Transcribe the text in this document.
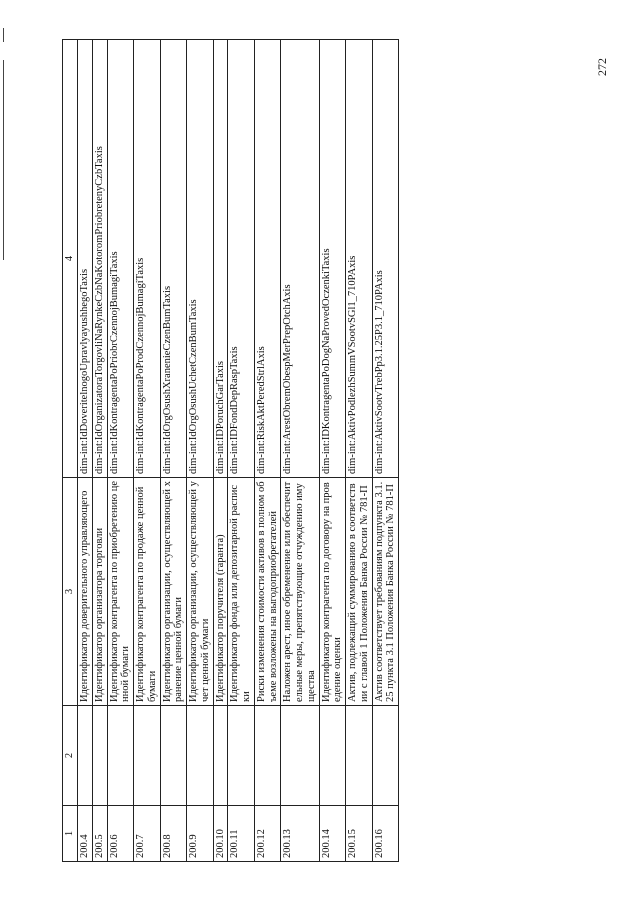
272
1	2	3	4
200.4		Идентификатор доверительного управляющего	dim-int:IdDoveritelnogoUpravlyayushhegoTaxis
200.5		Идентификатор организатора торговли	dim-int:IdOrganizatoraTorgovliNaRynkeCzbNaKotoromPriobretenyCzbTaxis
200.6		Идентификатор контрагента по приобретению ценной бумаги	dim-int:IdKontragentaPoPriobrCzennojBumagiTaxis
200.7		Идентификатор контрагента по продаже ценной бумаги	dim-int:IdKontragentaPoProdCzennojBumagiTaxis
200.8		Идентификатор организации, осуществляющей хранение ценной бумаги	dim-int:IdOrgOsushXranenieCzenBumTaxis
200.9		Идентификатор организации, осуществляющей учет ценной бумаги	dim-int:IdOrgOsushUchetCzenBumTaxis
200.10		Идентификатор поручителя (гаранта)	dim-int:IDPoruchGarTaxis
200.11		Идентификатор фонда или депозитарной расписки	dim-int:IDFondDepRaspTaxis
200.12		Риски изменения стоимости активов в полном объеме возложены на выгодоприобретателей	dim-int:RiskAktPeredStrlAxis
200.13		Наложен арест, иное обременение или обеспечительные меры, препятствующие отчуждению имущества	dim-int:ArestObremObespMerPrepOtchAxis
200.14		Идентификатор контрагента по договору на проведение оценки	dim-int:IDKontragentaPoDogNaProvedOczenkiTaxis
200.15		Актив, подлежащий суммированию в соответствии с главой 1 Положения Банка России № 781-П	dim-int:AktivPodlezhSummVSootvSGl1_710PAxis
200.16		Актив соответствует требованиям подпункта 3.1.25 пункта 3.1 Положения Банка России № 781-П	dim-int:AktivSootvTrebPp3.1.25P3.1_710PAxis
